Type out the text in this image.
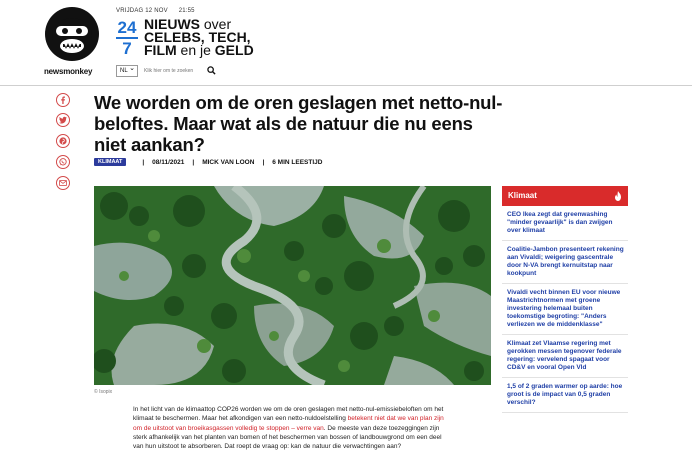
newsmonkey
VRIJDAG 12 NOV 21:55
24
7
NIEUWS over
CELEBS, TECH,
FILM en je GELD
NL ⌄
Klik hier om te zoeken
We worden om de oren geslagen met netto-nul-beloftes. Maar wat als de natuur die nu eens niet aankan?
KLIMAAT	| 08/11/2021 | MICK VAN LOON | 6 MIN LEESTIJD
© Isopix

In het licht van de klimaattop COP26 worden we om de oren geslagen met netto-nul-emissiebeloften om het klimaat te beschermen. Maar het afkondigen van een netto-nuldoelstelling betekent niet dat we van plan zijn om de uitstoot van broeikasgassen volledig te stoppen – verre van. De meeste van deze toezeggingen zijn sterk afhankelijk van het planten van bomen of het beschermen van bossen of landbouwgrond om een deel van hun uitstoot te absorberen. Dat roept de vraag op: kan de natuur die verwachtingen aan?

Klimaat
CEO Ikea zegt dat greenwashing "minder gevaarlijk" is dan zwijgen over klimaat
Coalitie-Jambon presenteert rekening aan Vivaldi; weigering gascentrale door N-VA brengt kernuitstap naar kookpunt
Vivaldi vecht binnen EU voor nieuwe Maastrichtnormen met groene investering helemaal buiten toekomstige begroting: "Anders verliezen we de middenklasse"
Klimaat zet Vlaamse regering met gerokken messen tegenover federale regering: vervelend spagaat voor CD&V en vooral Open Vld
1,5 of 2 graden warmer op aarde: hoe groot is de impact van 0,5 graden verschil?
